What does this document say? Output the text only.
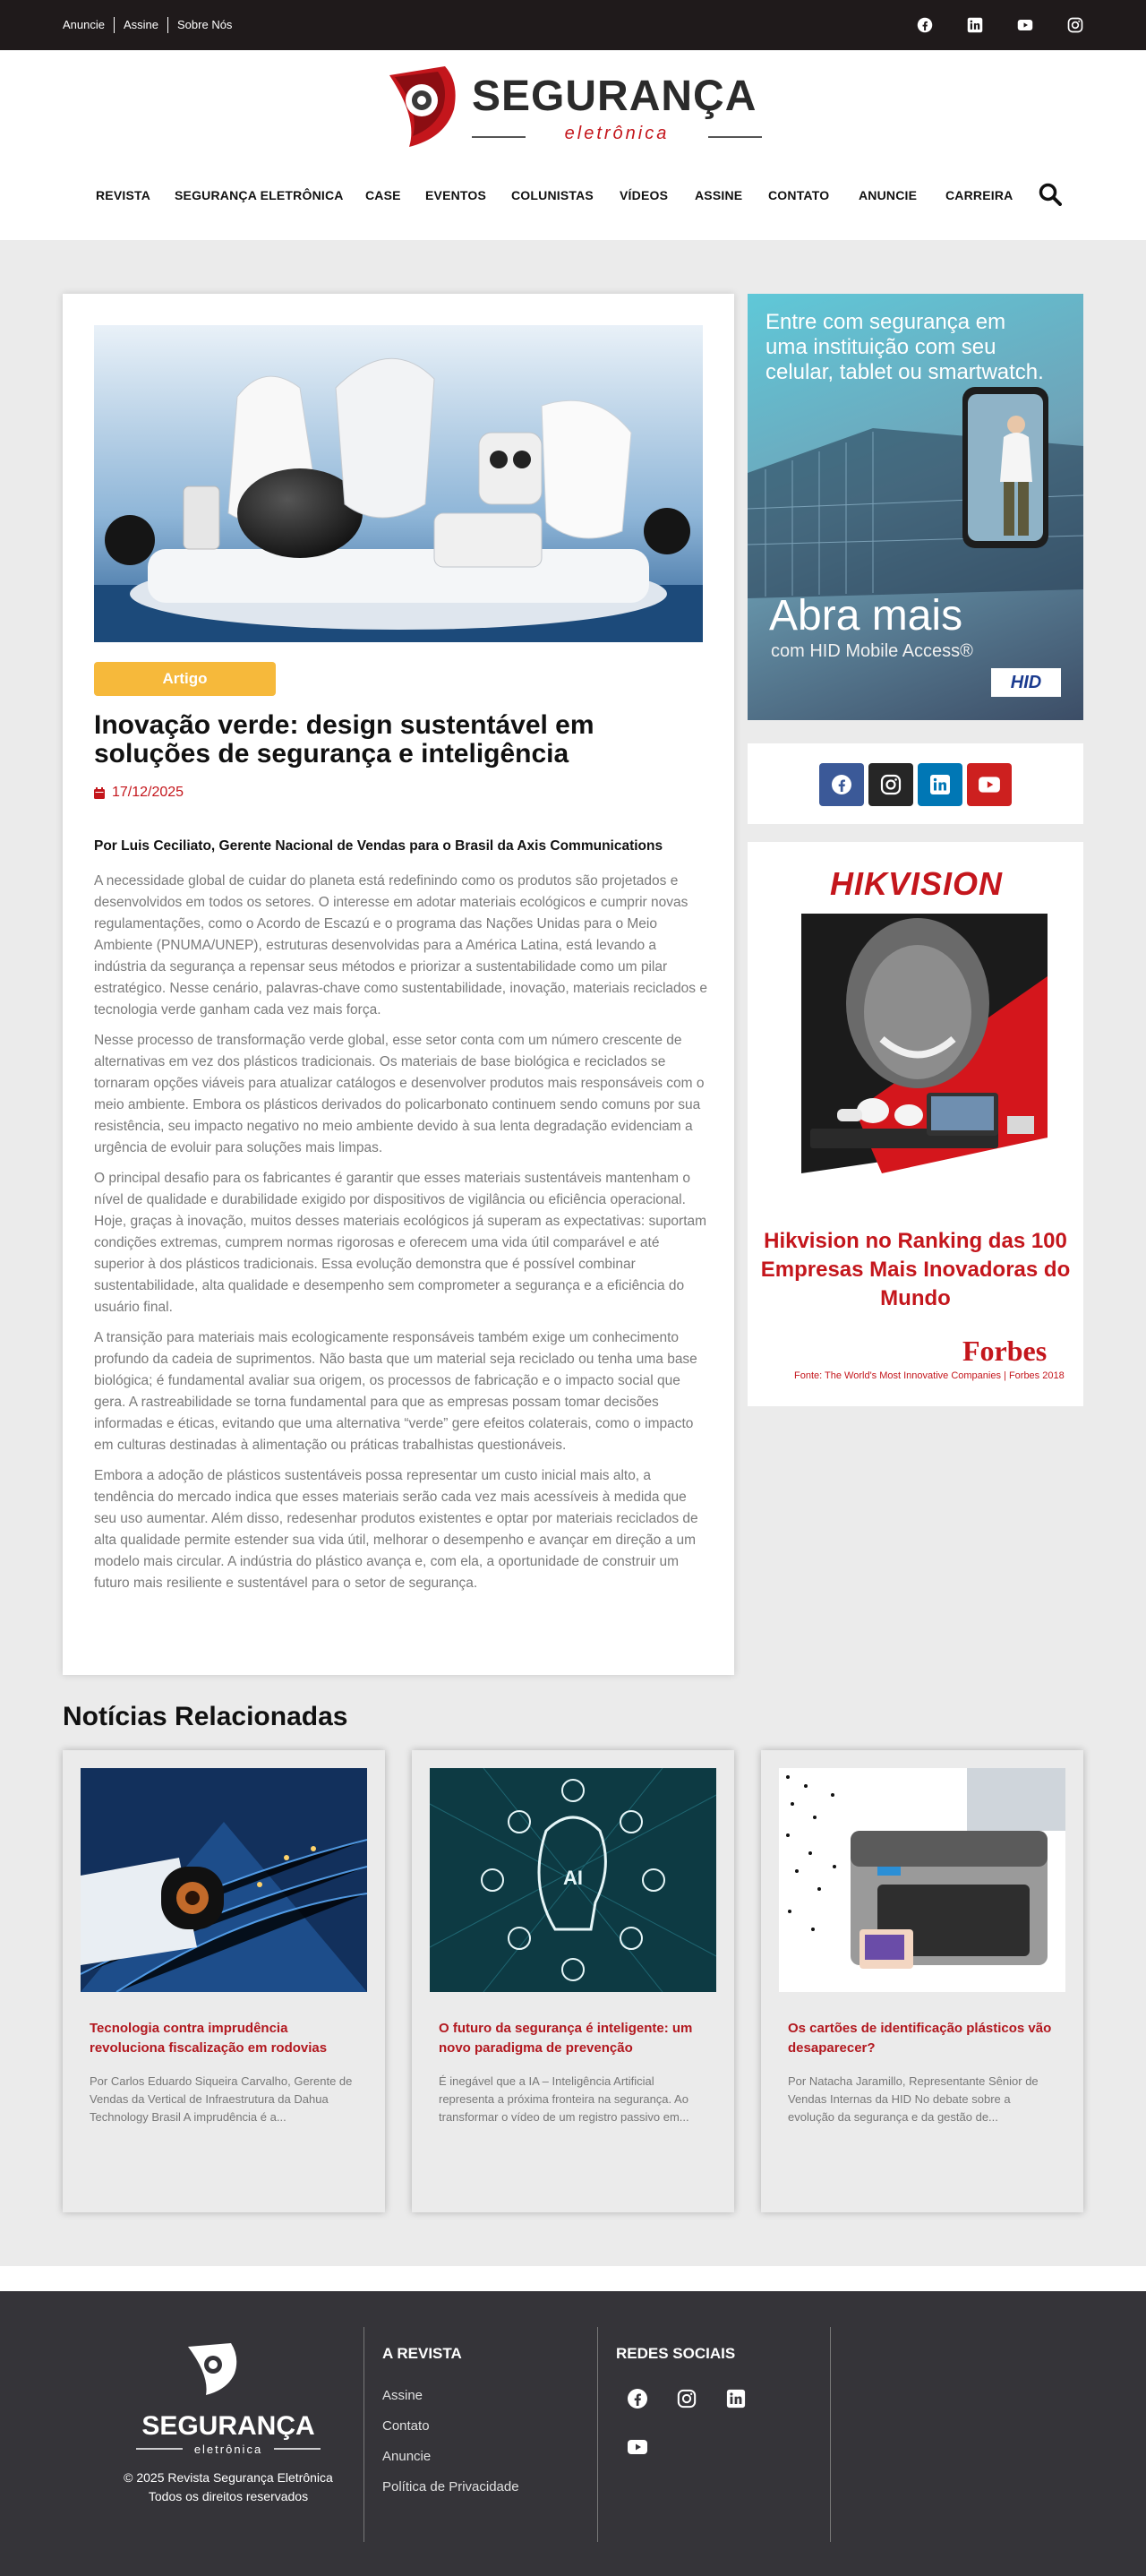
Anuncie	Assine	Sobre Nós
SEGURANÇA
eletrônica
REVISTA SEGURANÇA ELETRÔNICA CASE EVENTOS COLUNISTAS VÍDEOS ASSINE CONTATO ANUNCIE CARREIRA
Artigo
Inovação verde: design sustentável em soluções de segurança e inteligência
17/12/2025
Por Luis Ceciliato, Gerente Nacional de Vendas para o Brasil da Axis Communications

A necessidade global de cuidar do planeta está redefinindo como os produtos são projetados e desenvolvidos em todos os setores. O interesse em adotar materiais ecológicos e cumprir novas regulamentações, como o Acordo de Escazú e o programa das Nações Unidas para o Meio Ambiente (PNUMA/UNEP), estruturas desenvolvidas para a América Latina, está levando a indústria da segurança a repensar seus métodos e priorizar a sustentabilidade como um pilar estratégico. Nesse cenário, palavras-chave como sustentabilidade, inovação, materiais reciclados e tecnologia verde ganham cada vez mais força.

Nesse processo de transformação verde global, esse setor conta com um número crescente de alternativas em vez dos plásticos tradicionais. Os materiais de base biológica e reciclados se tornaram opções viáveis para atualizar catálogos e desenvolver produtos mais responsáveis com o meio ambiente. Embora os plásticos derivados do policarbonato continuem sendo comuns por sua resistência, seu impacto negativo no meio ambiente devido à sua lenta degradação evidenciam a urgência de evoluir para soluções mais limpas.

O principal desafio para os fabricantes é garantir que esses materiais sustentáveis mantenham o nível de qualidade e durabilidade exigido por dispositivos de vigilância ou eficiência operacional. Hoje, graças à inovação, muitos desses materiais ecológicos já superam as expectativas: suportam condições extremas, cumprem normas rigorosas e oferecem uma vida útil comparável e até superior à dos plásticos tradicionais. Essa evolução demonstra que é possível combinar sustentabilidade, alta qualidade e desempenho sem comprometer a segurança e a eficiência do usuário final.

A transição para materiais mais ecologicamente responsáveis também exige um conhecimento profundo da cadeia de suprimentos. Não basta que um material seja reciclado ou tenha uma base biológica; é fundamental avaliar sua origem, os processos de fabricação e o impacto social que gera. A rastreabilidade se torna fundamental para que as empresas possam tomar decisões informadas e éticas, evitando que uma alternativa “verde” gere efeitos colaterais, como o impacto em culturas destinadas à alimentação ou práticas trabalhistas questionáveis.

Embora a adoção de plásticos sustentáveis possa representar um custo inicial mais alto, a tendência do mercado indica que esses materiais serão cada vez mais acessíveis à medida que seu uso aumentar. Além disso, redesenhar produtos existentes e optar por materiais reciclados de alta qualidade permite estender sua vida útil, melhorar o desempenho e avançar em direção a um modelo mais circular. A indústria do plástico avança e, com ela, a oportunidade de construir um futuro mais resiliente e sustentável para o setor de segurança.

Entre com segurança em uma instituição com seu celular, tablet ou smartwatch.
Abra mais
com HID Mobile Access®
HID
HIKVISION
Hikvision no Ranking das 100 Empresas Mais Inovadoras do Mundo
Forbes
Fonte: The World's Most Innovative Companies | Forbes 2018
Notícias Relacionadas
Tecnologia contra imprudência revoluciona fiscalização em rodovias
Por Carlos Eduardo Siqueira Carvalho, Gerente de Vendas da Vertical de Infraestrutura da Dahua Technology Brasil A imprudência é a...
AI
O futuro da segurança é inteligente: um novo paradigma de prevenção
É inegável que a IA – Inteligência Artificial representa a próxima fronteira na segurança. Ao transformar o vídeo de um registro passivo em...
Os cartões de identificação plásticos vão desaparecer?
Por Natacha Jaramillo, Representante Sênior de Vendas Internas da HID No debate sobre a evolução da segurança e da gestão de...
SEGURANÇA
eletrônica
© 2025 Revista Segurança Eletrônica
Todos os direitos reservados
A REVISTA
Assine
Contato
Anuncie
Política de Privacidade
REDES SOCIAIS
